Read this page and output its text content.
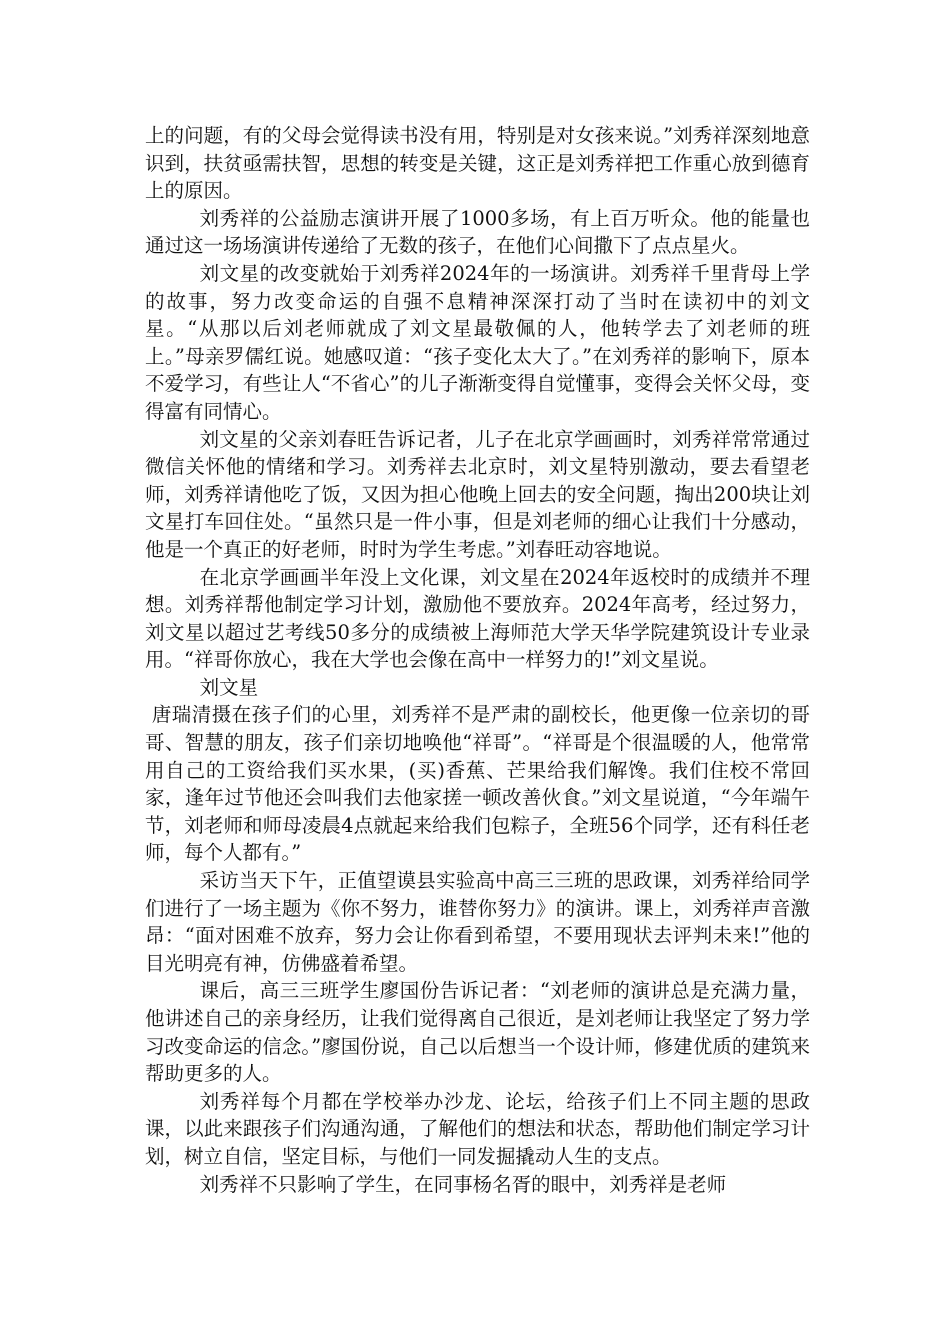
上的问题，有的父母会觉得读书没有用，特别是对女孩来说。”刘秀祥深刻地意识到，扶贫亟需扶智，思想的转变是关键，这正是刘秀祥把工作重心放到德育上的原因。

刘秀祥的公益励志演讲开展了1000多场，有上百万听众。他的能量也通过这一场场演讲传递给了无数的孩子，在他们心间撒下了点点星火。

刘文星的改变就始于刘秀祥2024年的一场演讲。刘秀祥千里背母上学的故事，努力改变命运的自强不息精神深深打动了当时在读初中的刘文星。“从那以后刘老师就成了刘文星最敬佩的人，他转学去了刘老师的班上。”母亲罗儒红说。她感叹道：“孩子变化太大了。”在刘秀祥的影响下，原本不爱学习，有些让人“不省心”的儿子渐渐变得自觉懂事，变得会关怀父母，变得富有同情心。

刘文星的父亲刘春旺告诉记者，儿子在北京学画画时，刘秀祥常常通过微信关怀他的情绪和学习。刘秀祥去北京时，刘文星特别激动，要去看望老师，刘秀祥请他吃了饭，又因为担心他晚上回去的安全问题，掏出200块让刘文星打车回住处。“虽然只是一件小事，但是刘老师的细心让我们十分感动，他是一个真正的好老师，时时为学生考虑。”刘春旺动容地说。

在北京学画画半年没上文化课，刘文星在2024年返校时的成绩并不理想。刘秀祥帮他制定学习计划，激励他不要放弃。2024年高考，经过努力，刘文星以超过艺考线50多分的成绩被上海师范大学天华学院建筑设计专业录用。“祥哥你放心，我在大学也会像在高中一样努力的!”刘文星说。

刘文星

唐瑞清摄在孩子们的心里，刘秀祥不是严肃的副校长，他更像一位亲切的哥哥、智慧的朋友，孩子们亲切地唤他“祥哥”。“祥哥是个很温暖的人，他常常用自己的工资给我们买水果，(买)香蕉、芒果给我们解馋。我们住校不常回家，逢年过节他还会叫我们去他家搓一顿改善伙食。”刘文星说道，“今年端午节，刘老师和师母凌晨4点就起来给我们包粽子，全班56个同学，还有科任老师，每个人都有。”

采访当天下午，正值望谟县实验高中高三三班的思政课，刘秀祥给同学们进行了一场主题为《你不努力，谁替你努力》的演讲。课上，刘秀祥声音激昂：“面对困难不放弃，努力会让你看到希望，不要用现状去评判未来!”他的目光明亮有神，仿佛盛着希望。

课后，高三三班学生廖国份告诉记者：“刘老师的演讲总是充满力量，他讲述自己的亲身经历，让我们觉得离自己很近，是刘老师让我坚定了努力学习改变命运的信念。”廖国份说，自己以后想当一个设计师，修建优质的建筑来帮助更多的人。

刘秀祥每个月都在学校举办沙龙、论坛，给孩子们上不同主题的思政课，以此来跟孩子们沟通沟通，了解他们的想法和状态，帮助他们制定学习计划，树立自信，坚定目标，与他们一同发掘撬动人生的支点。

刘秀祥不只影响了学生，在同事杨名胥的眼中，刘秀祥是老师
